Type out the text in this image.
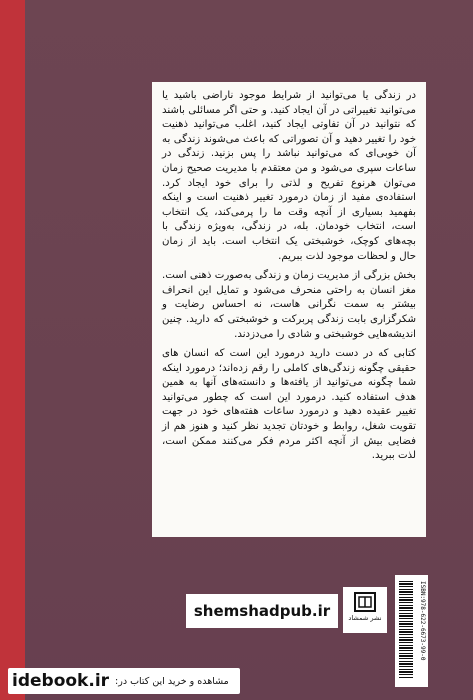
در زندگی یا می‌توانید از شرایط موجود ناراضی باشید یا می‌توانید تغییراتی در آن ایجاد کنید. و حتی اگر مسائلی باشند که نتوانید در آن تفاوتی ایجاد کنید، اغلب می‌توانید ذهنیت خود را تغییر دهید و آن تصوراتی که باعث می‌شوند زندگی به آن خوبی‌ای که می‌توانید نباشد را پس بزنید. زندگی در ساعات سپری می‌شود و من معتقدم با مدیریت صحیح زمان می‌توان هرنوع تفریح و لذتی را برای خود ایجاد کرد. استفاده‌ی مفید از زمان درمورد تغییر ذهنیت است و اینکه بفهمید بسیاری از آنچه وقت ما را پرمی‌کند، یک انتخاب است، انتخاب خودمان. بله، در زندگی، به‌ویژه زندگی با بچه‌های کوچک، خوشبختی یک انتخاب است. باید از زمان حال و لحظات موجود لذت ببریم.

بخش بزرگی از مدیریت زمان و زندگی به‌صورت ذهنی است. مغز انسان به راحتی منحرف می‌شود و تمایل این انحراف بیشتر به سمت نگرانی هاست، نه احساس رضایت و شکرگزاری بابت زندگی پربرکت و خوشبختی که دارید. چنین اندیشه‌هایی خوشبختی و شادی را می‌دزدند.

کتابی که در دست دارید درمورد این است که انسان های حقیقی چگونه زندگی‌های کاملی را رقم زده‌اند؛ درمورد اینکه شما چگونه می‌توانید از یافته‌ها و دانسته‌های آنها به همین هدف استفاده کنید. درمورد این است که چطور می‌توانید تغییر عقیده دهید و درمورد ساعات هفته‌های خود در جهت تقویت شغل، روابط و خودتان تجدید نظر کنید و هنوز هم از فضایی بیش از آنچه اکثر مردم فکر می‌کنند ممکن است، لذت ببرید.

shemshadpub.ir	نشر شمشاد	ISBN:978-622-6673-99-0
idebook.ir مشاهده و خرید این کتاب در:
